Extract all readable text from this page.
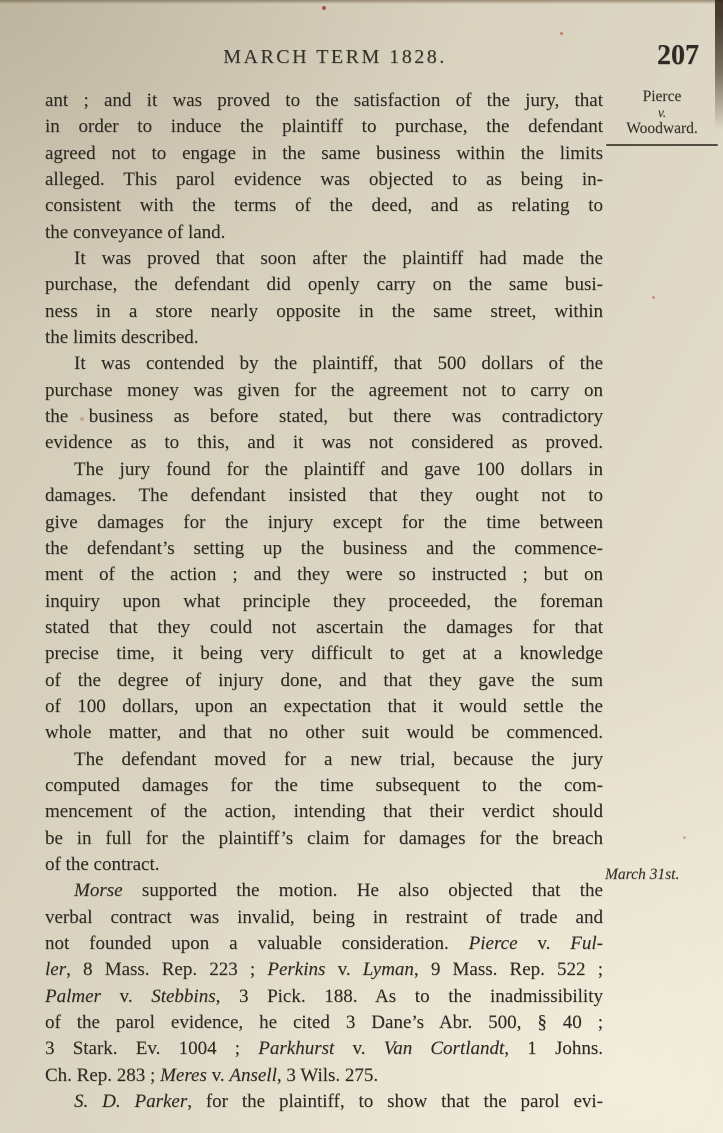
MARCH TERM 1828.	207
Pierce
v.
Woodward.
March 31st.
ant ; and it was proved to the satisfaction of the jury, that
in order to induce the plaintiff to purchase, the defendant
agreed not to engage in the same business within the limits
alleged. This parol evidence was objected to as being in-
consistent with the terms of the deed, and as relating to
the conveyance of land.
It was proved that soon after the plaintiff had made the
purchase, the defendant did openly carry on the same busi-
ness in a store nearly opposite in the same street, within
the limits described.
It was contended by the plaintiff, that 500 dollars of the
purchase money was given for the agreement not to carry on
the business as before stated, but there was contradictory
evidence as to this, and it was not considered as proved.
The jury found for the plaintiff and gave 100 dollars in
damages. The defendant insisted that they ought not to
give damages for the injury except for the time between
the defendant’s setting up the business and the commence-
ment of the action ; and they were so instructed ; but on
inquiry upon what principle they proceeded, the foreman
stated that they could not ascertain the damages for that
precise time, it being very difficult to get at a knowledge
of the degree of injury done, and that they gave the sum
of 100 dollars, upon an expectation that it would settle the
whole matter, and that no other suit would be commenced.
The defendant moved for a new trial, because the jury
computed damages for the time subsequent to the com-
mencement of the action, intending that their verdict should
be in full for the plaintiff’s claim for damages for the breach
of the contract.
Morse supported the motion. He also objected that the
verbal contract was invalid, being in restraint of trade and
not founded upon a valuable consideration. Pierce v. Ful-
ler, 8 Mass. Rep. 223 ; Perkins v. Lyman, 9 Mass. Rep. 522 ;
Palmer v. Stebbins, 3 Pick. 188. As to the inadmissibility
of the parol evidence, he cited 3 Dane’s Abr. 500, § 40 ;
3 Stark. Ev. 1004 ; Parkhurst v. Van Cortlandt, 1 Johns.
Ch. Rep. 283 ; Meres v. Ansell, 3 Wils. 275.
S. D. Parker, for the plaintiff, to show that the parol evi-
